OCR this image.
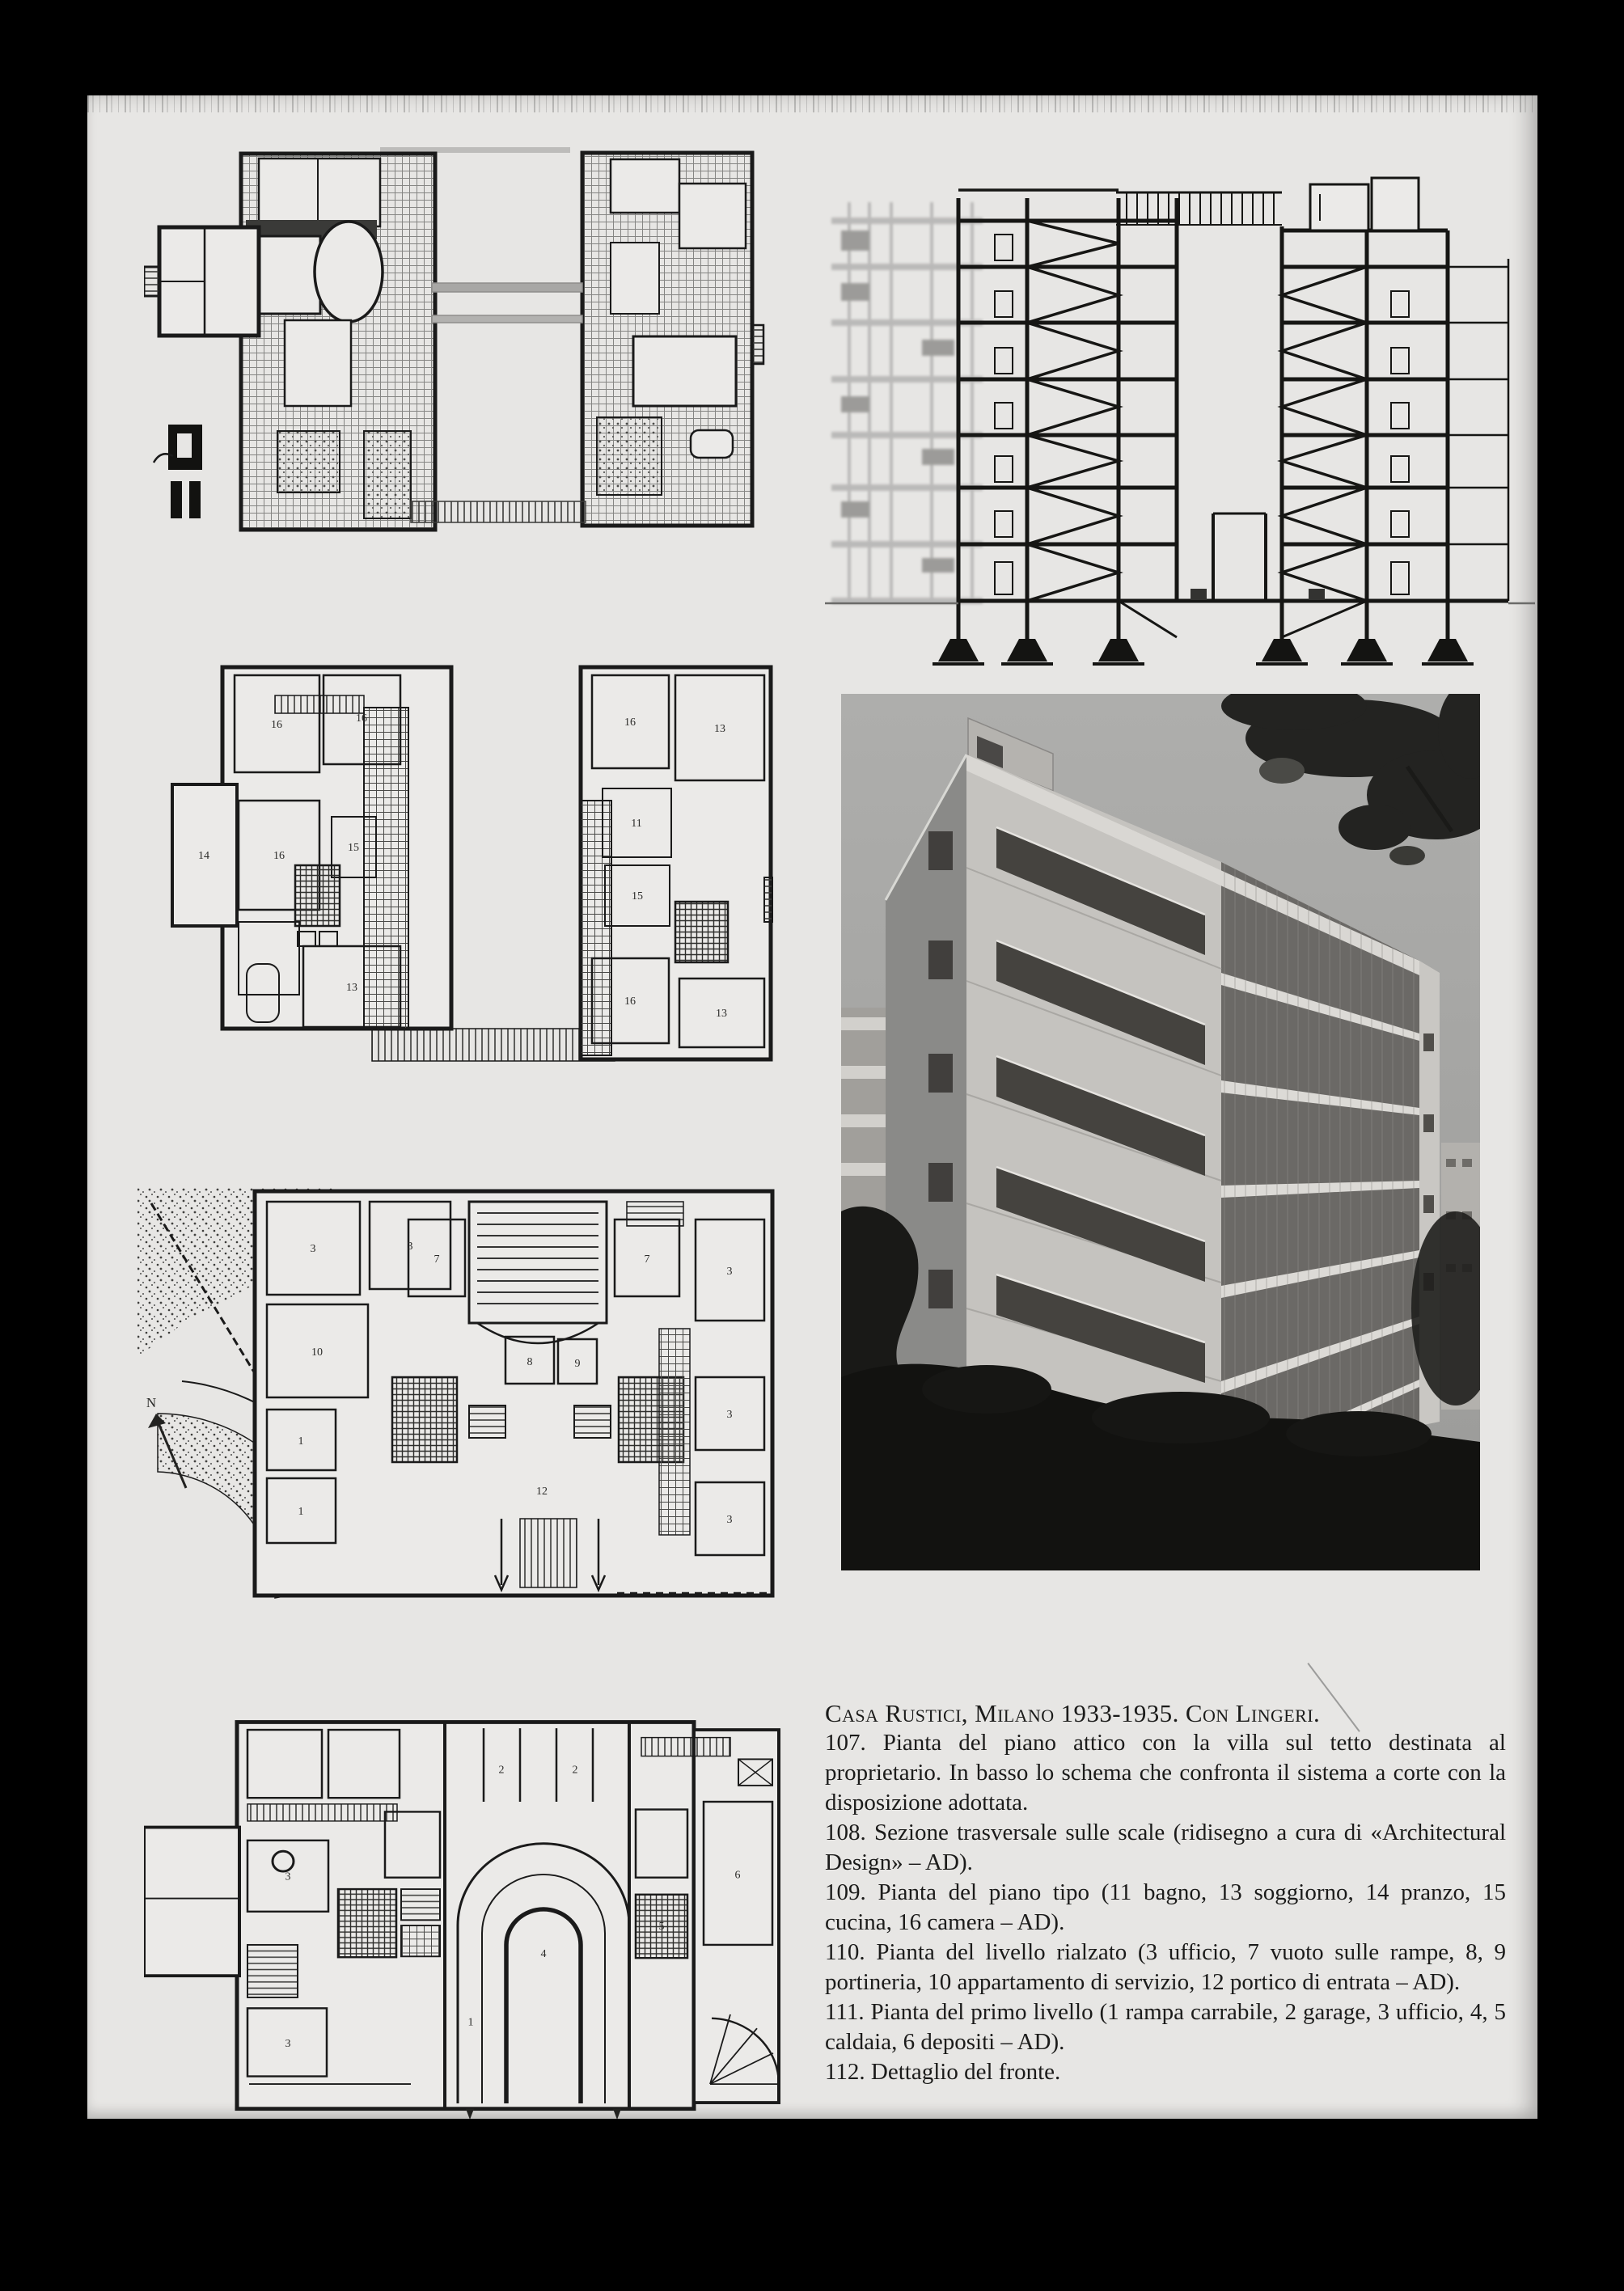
16
16
14	16
15
13
16
13
11
15
16
13
N
3	3
7	7
10
8	9
12
1
1
3
3
3
2	2
3
3
4
1
5
6

Casa Rustici, Milano 1933-1935. Con Lingeri.

107. Pianta del piano attico con la villa sul tetto destinata al proprietario. In basso lo schema che confronta il sistema a corte con la disposizione adottata.

108. Sezione trasversale sulle scale (ridisegno a cura di «Architectural Design» – AD).

109. Pianta del piano tipo (11 bagno, 13 soggiorno, 14 pranzo, 15 cucina, 16 camera – AD).

110. Pianta del livello rialzato (3 ufficio, 7 vuoto sulle rampe, 8, 9 portineria, 10 appartamento di servizio, 12 portico di entrata – AD).

111. Pianta del primo livello (1 rampa carrabile, 2 garage, 3 ufficio, 4, 5 caldaia, 6 depositi – AD).

112. Dettaglio del fronte.
